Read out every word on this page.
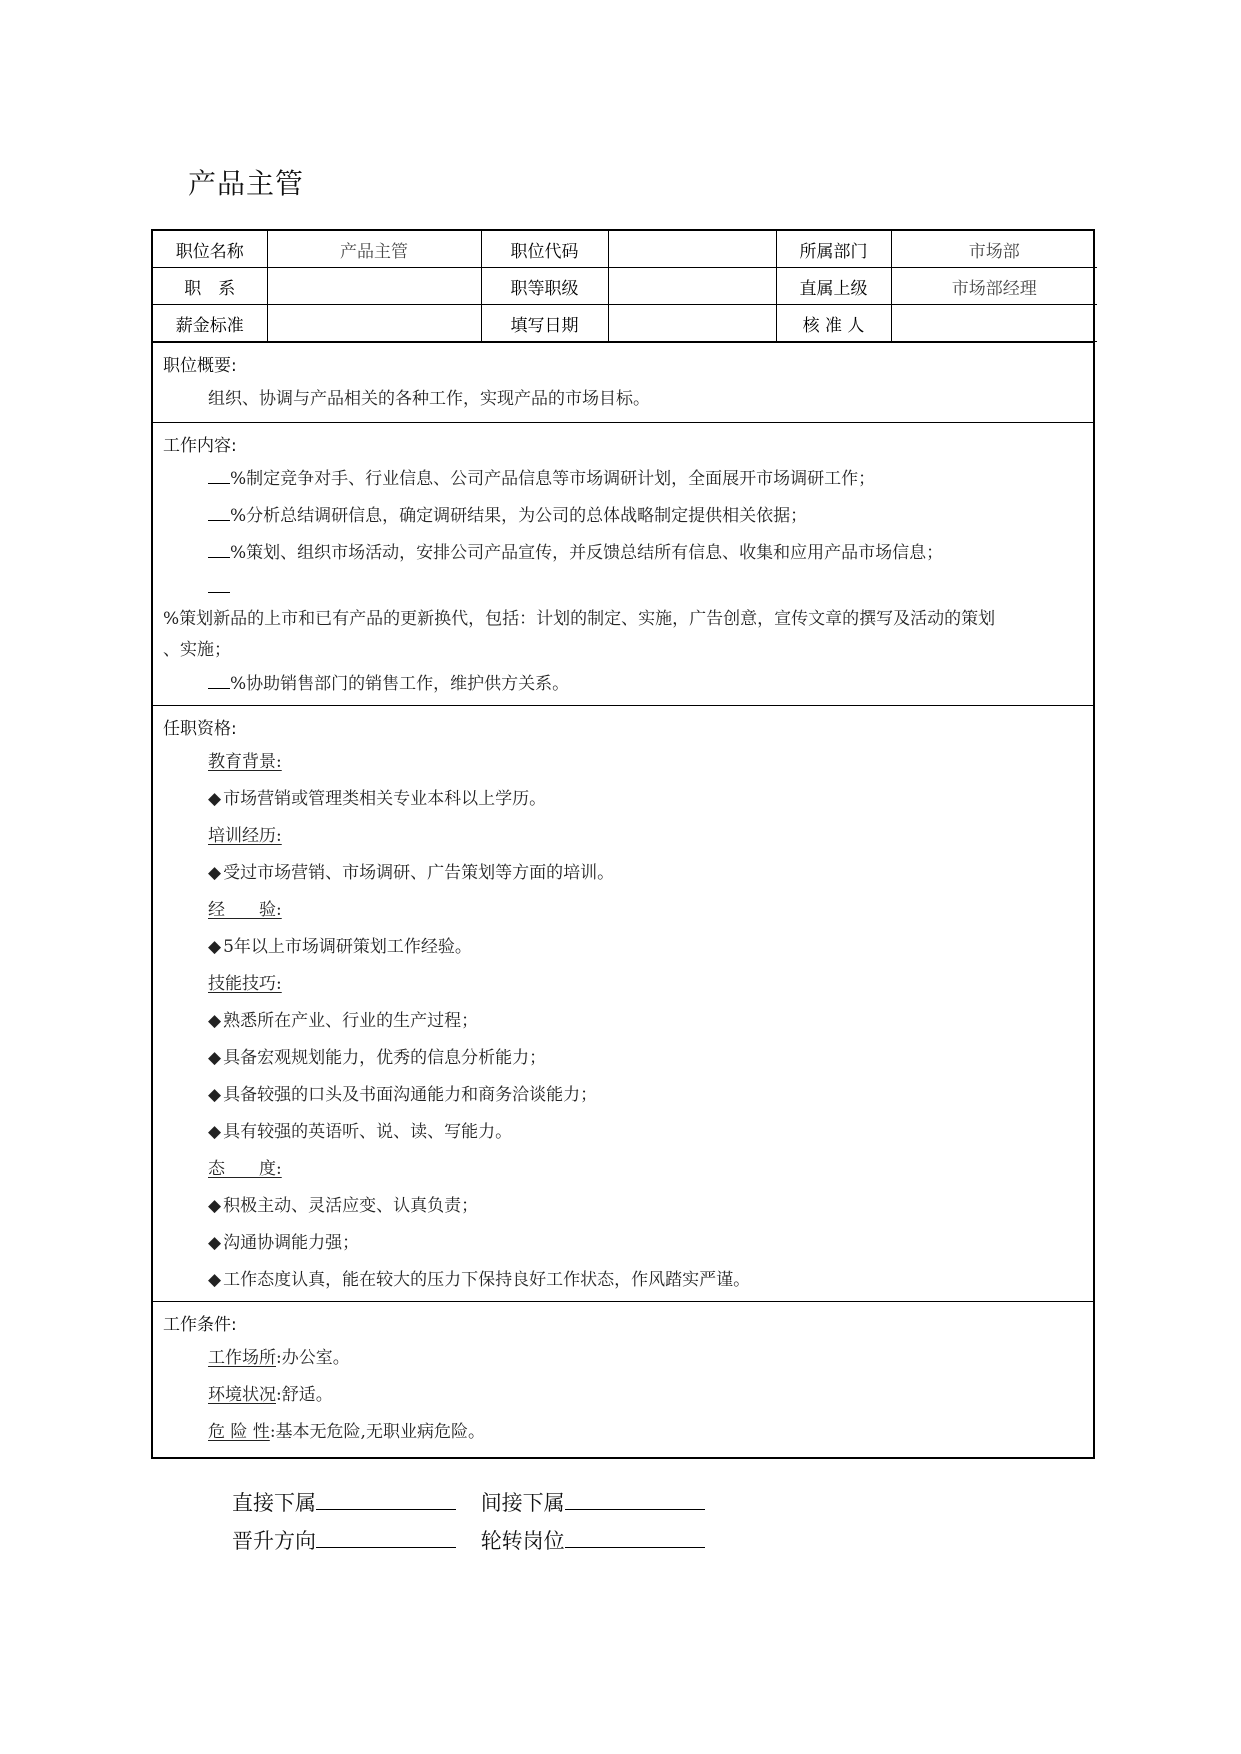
产品主管
职位名称	产品主管	职位代码		所属部门	市场部
职　系		职等职级		直属上级	市场部经理
薪金标准		填写日期		核 准 人	
职位概要:
组织、协调与产品相关的各种工作，实现产品的市场目标。
工作内容:
%制定竞争对手、行业信息、公司产品信息等市场调研计划，全面展开市场调研工作；
%分析总结调研信息，确定调研结果，为公司的总体战略制定提供相关依据；
%策划、组织市场活动，安排公司产品宣传，并反馈总结所有信息、收集和应用产品市场信息；
%策划新品的上市和已有产品的更新换代，包括：计划的制定、实施，广告创意，宣传文章的撰写及活动的策划
、实施；
%协助销售部门的销售工作，维护供方关系。
任职资格:
教育背景:
◆ 市场营销或管理类相关专业本科以上学历。
培训经历:
◆ 受过市场营销、市场调研、广告策划等方面的培训。
经　　验:
◆ 5年以上市场调研策划工作经验。
技能技巧:
◆ 熟悉所在产业、行业的生产过程；
◆ 具备宏观规划能力，优秀的信息分析能力；
◆ 具备较强的口头及书面沟通能力和商务洽谈能力；
◆ 具有较强的英语听、说、读、写能力。
态　　度:
◆ 积极主动、灵活应变、认真负责；
◆ 沟通协调能力强；
◆ 工作态度认真，能在较大的压力下保持良好工作状态，作风踏实严谨。
工作条件:
工作场所:办公室。
环境状况:舒适。
危 险 性:基本无危险,无职业病危险。
直接下属	间接下属
晋升方向	轮转岗位
